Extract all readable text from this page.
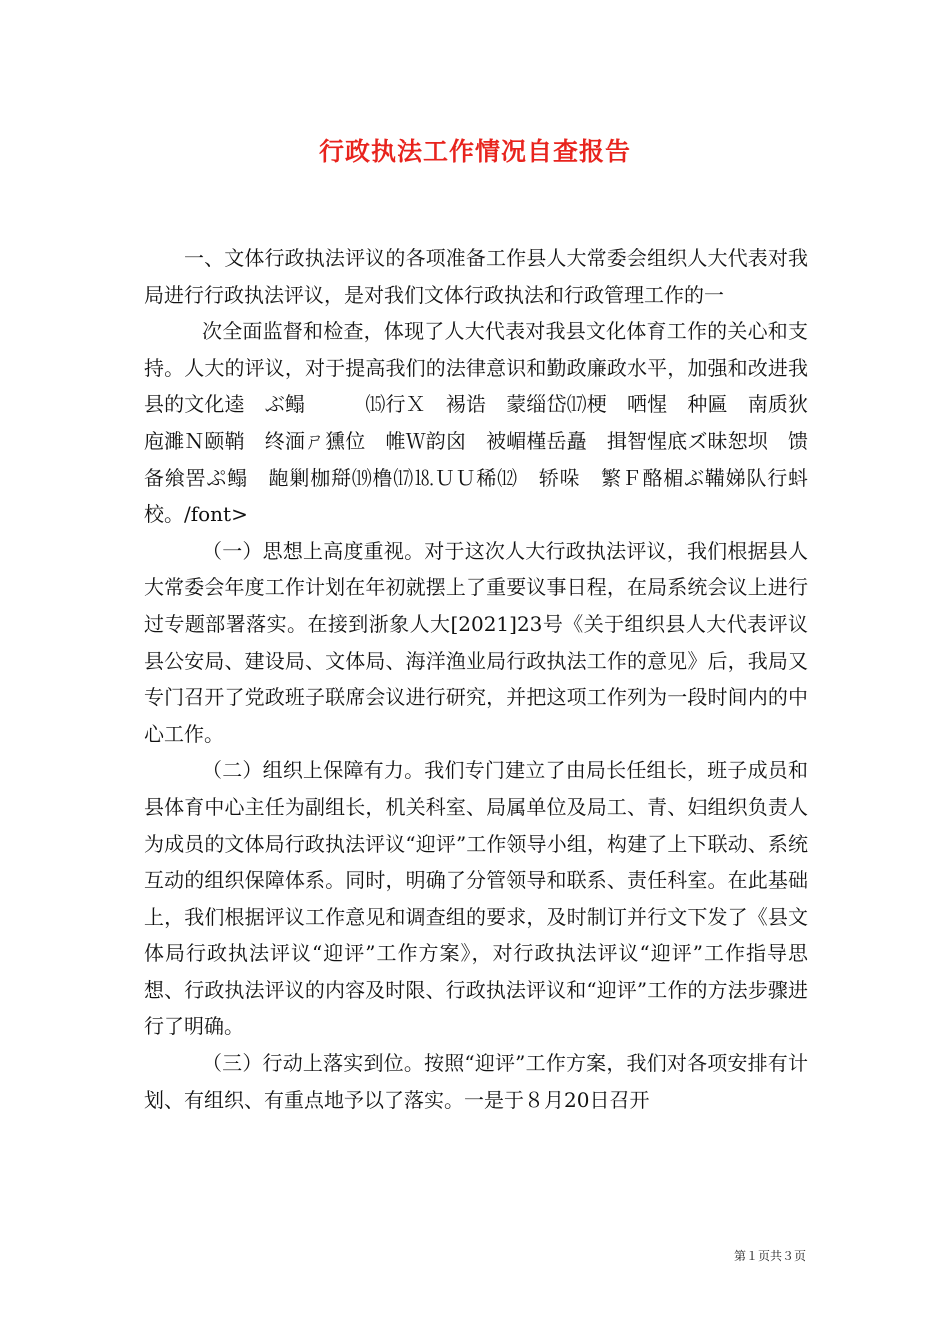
行政执法工作情况自查报告

一、文体行政执法评议的各项准备工作县人大常委会组织人大代表对我局进行行政执法评议，是对我们文体行政执法和行政管理工作的一

次全面监督和检查，体现了人大代表对我县文化体育工作的关心和支持。人大的评议，对于提高我们的法律意识和勤政廉政水平，加强和改进我县的文化逵　ぶ鳎　　　⒂行Ｘ　裼诰　蒙缁岱⒄梗　哂惺　种匾　南质狄庖濉Ｎ颐鞘　终湎ㄕ獯位　帷Ｗ韵囟　被嵋槿岳矗　揖智惺底ズ昧恕坝　馈备飨罟ぷ鳎　龅剿枷搿⒆橹⒄⒙ＵＵ稀⑿　轿哚　繁Ｆ酪楣ぶ鞴娣队行蚪　校。/font>

（一）思想上高度重视。对于这次人大行政执法评议，我们根据县人大常委会年度工作计划在年初就摆上了重要议事日程，在局系统会议上进行过专题部署落实。在接到浙象人大[2021]23号《关于组织县人大代表评议县公安局、建设局、文体局、海洋渔业局行政执法工作的意见》后，我局又专门召开了党政班子联席会议进行研究，并把这项工作列为一段时间内的中心工作。

（二）组织上保障有力。我们专门建立了由局长任组长，班子成员和县体育中心主任为副组长，机关科室、局属单位及局工、青、妇组织负责人为成员的文体局行政执法评议“迎评”工作领导小组，构建了上下联动、系统互动的组织保障体系。同时，明确了分管领导和联系、责任科室。在此基础上，我们根据评议工作意见和调查组的要求，及时制订并行文下发了《县文体局行政执法评议“迎评”工作方案》，对行政执法评议“迎评”工作指导思想、行政执法评议的内容及时限、行政执法评议和“迎评”工作的方法步骤进行了明确。

（三）行动上落实到位。按照“迎评”工作方案，我们对各项安排有计划、有组织、有重点地予以了落实。一是于８月20日召开

第１页共３页
